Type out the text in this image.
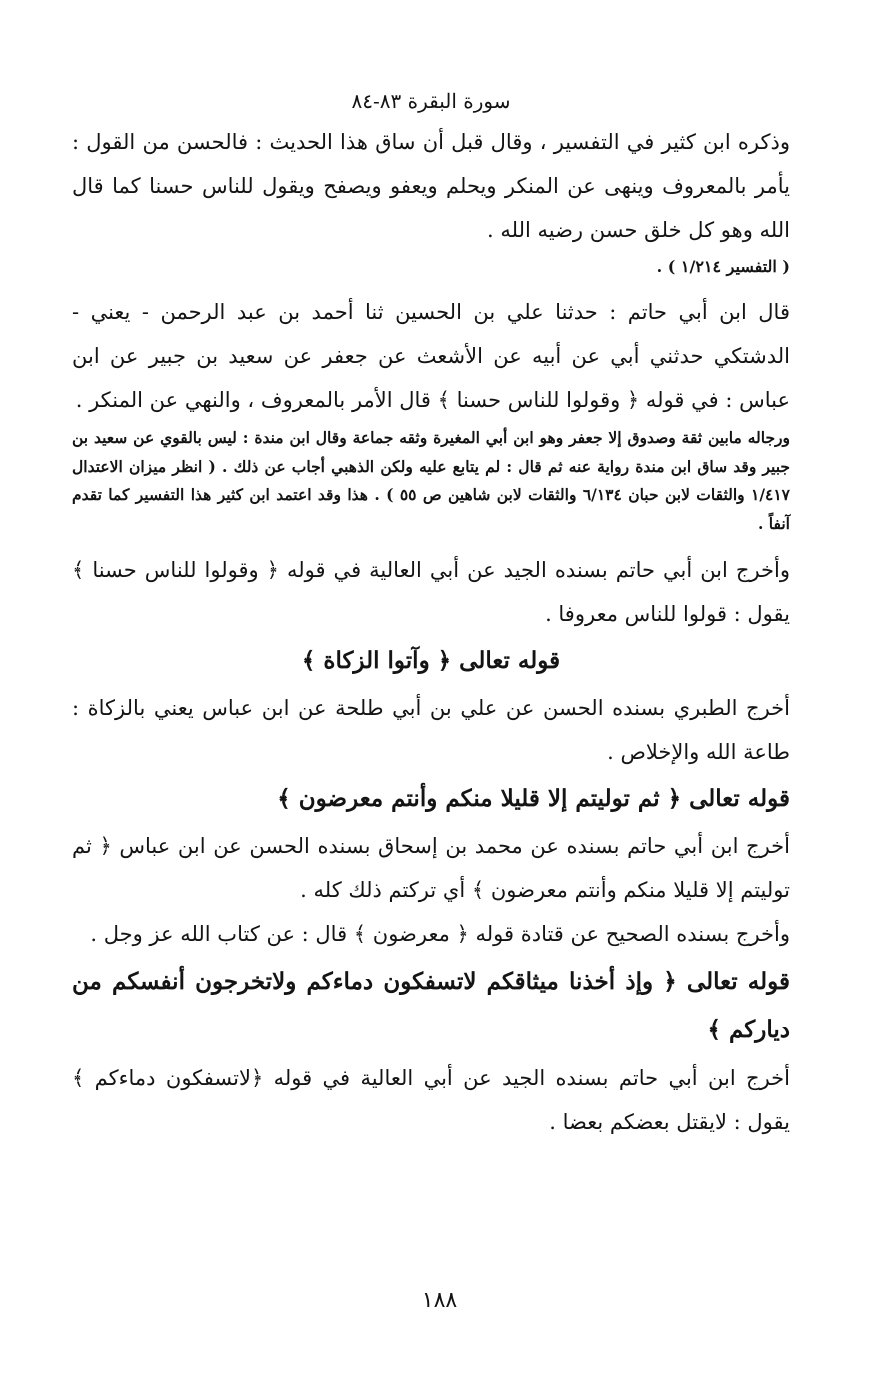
سورة البقرة ٨٣-٨٤

وذكره ابن كثير في التفسير ، وقال قبل أن ساق هذا الحديث : فالحسن من القول : يأمر بالمعروف وينهى عن المنكر ويحلم ويعفو ويصفح ويقول للناس حسنا كما قال الله وهو كل خلق حسن رضيه الله .

( التفسير ١/٢١٤ ) .

قال ابن أبي حاتم : حدثنا علي بن الحسين ثنا أحمد بن عبد الرحمن - يعني - الدشتكي حدثني أبي عن أبيه عن الأشعث عن جعفر عن سعيد بن جبير عن ابن عباس : في قوله ﴿ وقولوا للناس حسنا ﴾ قال الأمر بالمعروف ، والنهي عن المنكر .

ورجاله مابين ثقة وصدوق إلا جعفر وهو ابن أبي المغيرة وثقه جماعة وقال ابن مندة : ليس بالقوي عن سعيد بن جبير وقد ساق ابن مندة رواية عنه ثم قال : لم يتابع عليه ولكن الذهبي أجاب عن ذلك . ( انظر ميزان الاعتدال ١/٤١٧ والثقات لابن حبان ٦/١٣٤ والثقات لابن شاهين ص ٥٥ ) . هذا وقد اعتمد ابن كثير هذا التفسير كما تقدم آنفاً .

وأخرج ابن أبي حاتم بسنده الجيد عن أبي العالية في قوله ﴿ وقولوا للناس حسنا ﴾ يقول : قولوا للناس معروفا .

قوله تعالى ﴿ وآتوا الزكاة ﴾

أخرج الطبري بسنده الحسن عن علي بن أبي طلحة عن ابن عباس يعني بالزكاة : طاعة الله والإخلاص .

قوله تعالى ﴿ ثم توليتم إلا قليلا منكم وأنتم معرضون ﴾

أخرج ابن أبي حاتم بسنده عن محمد بن إسحاق بسنده الحسن عن ابن عباس ﴿ ثم توليتم إلا قليلا منكم وأنتم معرضون ﴾ أي تركتم ذلك كله .

وأخرج بسنده الصحيح عن قتادة قوله ﴿ معرضون ﴾ قال : عن كتاب الله عز وجل .

قوله تعالى ﴿ وإذ أخذنا ميثاقكم لاتسفكون دماءكم ولاتخرجون أنفسكم من دياركم ﴾

أخرج ابن أبي حاتم بسنده الجيد عن أبي العالية في قوله ﴿لاتسفكون دماءكم ﴾ يقول : لايقتل بعضكم بعضا .

١٨٨
